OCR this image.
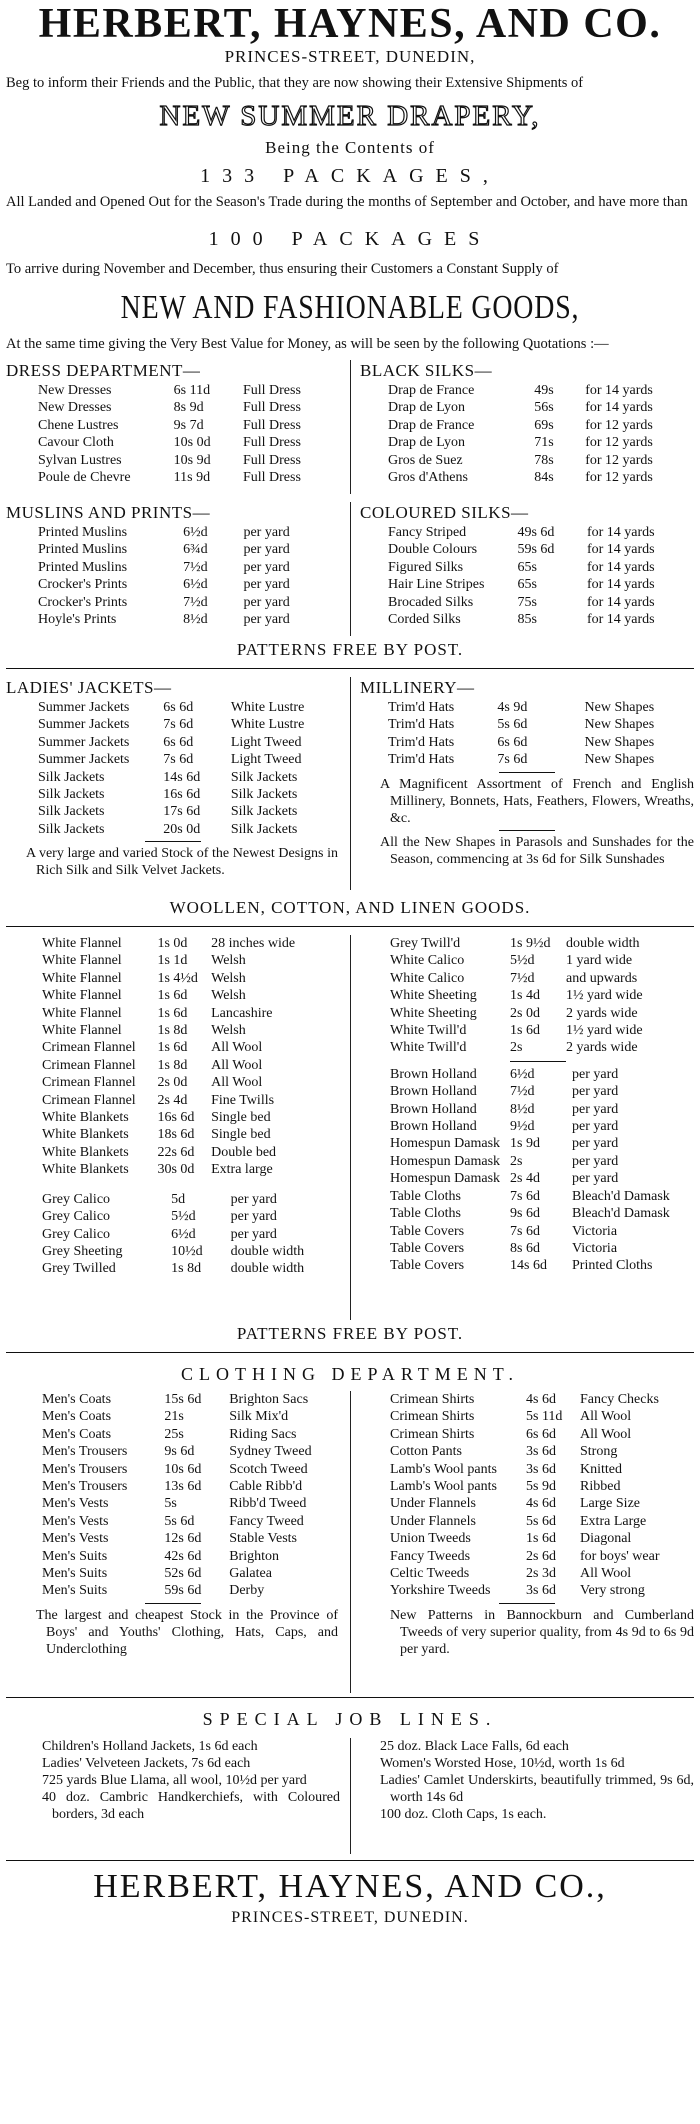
HERBERT, HAYNES, AND CO.
PRINCES-STREET, DUNEDIN,
Beg to inform their Friends and the Public, that they are now showing their Extensive Shipments of
NEW SUMMER DRAPERY,
Being the Contents of
133 PACKAGES,
All Landed and Opened Out for the Season's Trade during the months of September and October, and have more than
100 PACKAGES
To arrive during November and December, thus ensuring their Customers a Constant Supply of
NEW AND FASHIONABLE GOODS,
At the same time giving the Very Best Value for Money, as will be seen by the following Quotations :—
DRESS DEPARTMENT—
New Dresses	6s 11d	Full Dress
New Dresses	8s 9d	Full Dress
Chene Lustres	9s 7d	Full Dress
Cavour Cloth	10s 0d	Full Dress
Sylvan Lustres	10s 9d	Full Dress
Poule de Chevre	11s 9d	Full Dress
BLACK SILKS—
Drap de France	49s	for 14 yards
Drap de Lyon	56s	for 14 yards
Drap de France	69s	for 12 yards
Drap de Lyon	71s	for 12 yards
Gros de Suez	78s	for 12 yards
Gros d'Athens	84s	for 12 yards
MUSLINS AND PRINTS—
Printed Muslins	6½d	per yard
Printed Muslins	6¾d	per yard
Printed Muslins	7½d	per yard
Crocker's Prints	6½d	per yard
Crocker's Prints	7½d	per yard
Hoyle's Prints	8½d	per yard
COLOURED SILKS—
Fancy Striped	49s 6d	for 14 yards
Double Colours	59s 6d	for 14 yards
Figured Silks	65s	for 14 yards
Hair Line Stripes	65s	for 14 yards
Brocaded Silks	75s	for 14 yards
Corded Silks	85s	for 14 yards
PATTERNS FREE BY POST.
LADIES' JACKETS—
Summer Jackets	6s 6d	White Lustre
Summer Jackets	7s 6d	White Lustre
Summer Jackets	6s 6d	Light Tweed
Summer Jackets	7s 6d	Light Tweed
Silk Jackets	14s 6d	Silk Jackets
Silk Jackets	16s 6d	Silk Jackets
Silk Jackets	17s 6d	Silk Jackets
Silk Jackets	20s 0d	Silk Jackets
A very large and varied Stock of the Newest Designs in Rich Silk and Silk Velvet Jackets.
MILLINERY—
Trim'd Hats	4s 9d	New Shapes
Trim'd Hats	5s 6d	New Shapes
Trim'd Hats	6s 6d	New Shapes
Trim'd Hats	7s 6d	New Shapes
A Magnificent Assortment of French and English Millinery, Bonnets, Hats, Feathers, Flowers, Wreaths, &c.
All the New Shapes in Parasols and Sunshades for the Season, commencing at 3s 6d for Silk Sunshades
WOOLLEN, COTTON, AND LINEN GOODS.
White Flannel	1s 0d	28 inches wide
White Flannel	1s 1d	Welsh
White Flannel	1s 4½d	Welsh
White Flannel	1s 6d	Welsh
White Flannel	1s 6d	Lancashire
White Flannel	1s 8d	Welsh
Crimean Flannel	1s 6d	All Wool
Crimean Flannel	1s 8d	All Wool
Crimean Flannel	2s 0d	All Wool
Crimean Flannel	2s 4d	Fine Twills
White Blankets	16s 6d	Single bed
White Blankets	18s 6d	Single bed
White Blankets	22s 6d	Double bed
White Blankets	30s 0d	Extra large
Grey Calico	5d	per yard
Grey Calico	5½d	per yard
Grey Calico	6½d	per yard
Grey Sheeting	10½d	double width
Grey Twilled	1s 8d	double width
Grey Twill'd	1s 9½d	double width
White Calico	5½d	1 yard wide
White Calico	7½d	and upwards
White Sheeting	1s 4d	1½ yard wide
White Sheeting	2s 0d	2 yards wide
White Twill'd	1s 6d	1½ yard wide
White Twill'd	2s	2 yards wide
Brown Holland	6½d	per yard
Brown Holland	7½d	per yard
Brown Holland	8½d	per yard
Brown Holland	9½d	per yard
Homespun Damask	1s 9d	per yard
Homespun Damask	2s	per yard
Homespun Damask	2s 4d	per yard
Table Cloths	7s 6d	Bleach'd Damask
Table Cloths	9s 6d	Bleach'd Damask
Table Covers	7s 6d	Victoria
Table Covers	8s 6d	Victoria
Table Covers	14s 6d	Printed Cloths
PATTERNS FREE BY POST.
CLOTHING DEPARTMENT.
Men's Coats	15s 6d	Brighton Sacs
Men's Coats	21s	Silk Mix'd
Men's Coats	25s	Riding Sacs
Men's Trousers	9s 6d	Sydney Tweed
Men's Trousers	10s 6d	Scotch Tweed
Men's Trousers	13s 6d	Cable Ribb'd
Men's Vests	5s	Ribb'd Tweed
Men's Vests	5s 6d	Fancy Tweed
Men's Vests	12s 6d	Stable Vests
Men's Suits	42s 6d	Brighton
Men's Suits	52s 6d	Galatea
Men's Suits	59s 6d	Derby
The largest and cheapest Stock in the Province of Boys' and Youths' Clothing, Hats, Caps, and Underclothing
Crimean Shirts	4s 6d	Fancy Checks
Crimean Shirts	5s 11d	All Wool
Crimean Shirts	6s 6d	All Wool
Cotton Pants	3s 6d	Strong
Lamb's Wool pants	3s 6d	Knitted
Lamb's Wool pants	5s 9d	Ribbed
Under Flannels	4s 6d	Large Size
Under Flannels	5s 6d	Extra Large
Union Tweeds	1s 6d	Diagonal
Fancy Tweeds	2s 6d	for boys' wear
Celtic Tweeds	2s 3d	All Wool
Yorkshire Tweeds	3s 6d	Very strong
New Patterns in Bannockburn and Cumberland Tweeds of very superior quality, from 4s 9d to 6s 9d per yard.
SPECIAL JOB LINES.
Children's Holland Jackets, 1s 6d each
Ladies' Velveteen Jackets, 7s 6d each
725 yards Blue Llama, all wool, 10½d per yard
40 doz. Cambric Handkerchiefs, with Coloured borders, 3d each
25 doz. Black Lace Falls, 6d each
Women's Worsted Hose, 10½d, worth 1s 6d
Ladies' Camlet Underskirts, beautifully trimmed, 9s 6d, worth 14s 6d
100 doz. Cloth Caps, 1s each.
HERBERT, HAYNES, AND CO.,
PRINCES-STREET, DUNEDIN.
